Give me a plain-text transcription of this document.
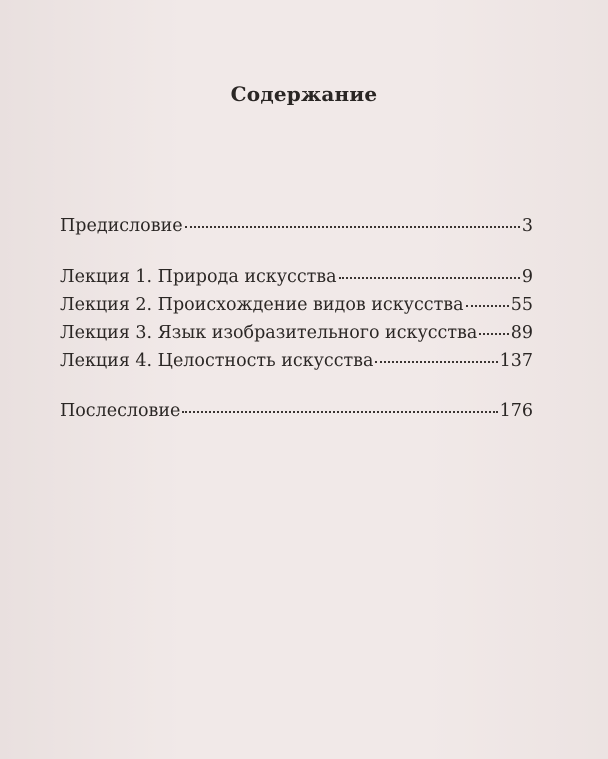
Содержание
Предисловие	3
Лекция 1. Природа искусства	9
Лекция 2. Происхождение видов искусства	55
Лекция 3. Язык изобразительного искусства 89
Лекция 4. Целостность искусства	137
Послесловие	176
